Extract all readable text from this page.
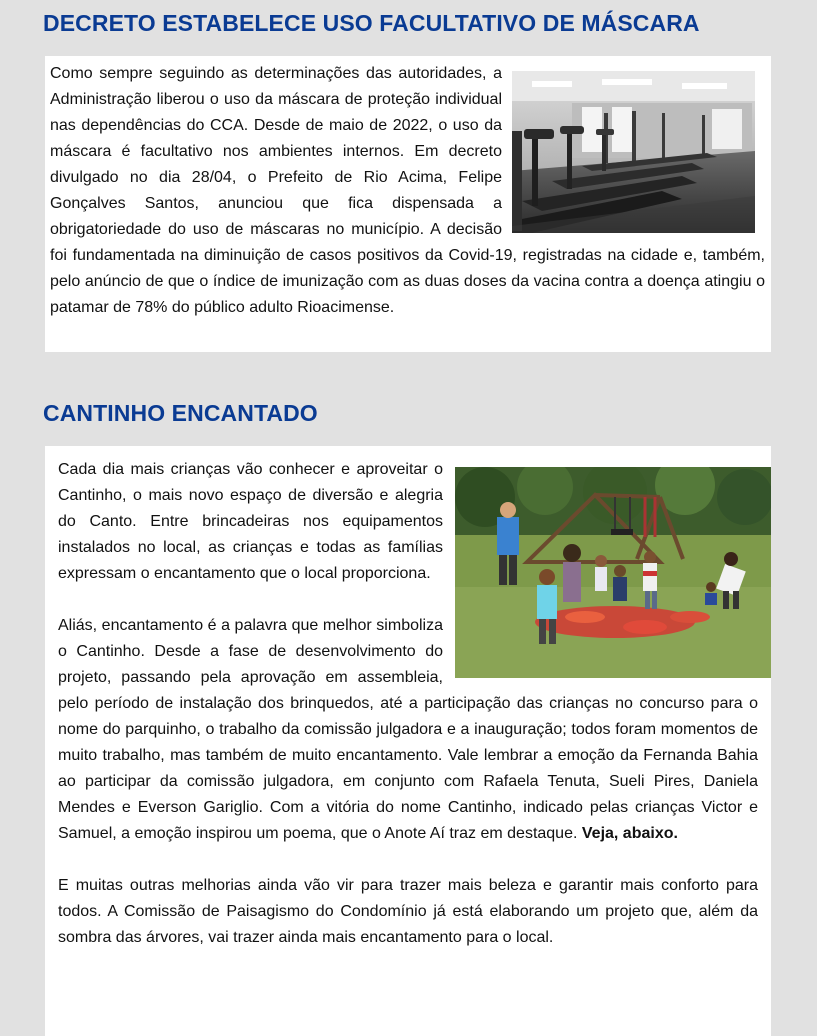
DECRETO ESTABELECE USO FACULTATIVO DE MÁSCARA

Como sempre seguindo as determinações das autoridades, a Administração liberou o uso da máscara de proteção individual nas dependências do CCA. Desde de maio de 2022, o uso da máscara é facultativo nos ambientes internos. Em decreto divulgado no dia 28/04, o Prefeito de Rio Acima, Felipe Gonçalves Santos, anunciou que fica dispensada a obrigatoriedade do uso de máscaras no município. A decisão foi fundamentada na diminuição de casos positivos da Covid-19, registradas na cidade e, também, pelo anúncio de que o índice de imunização com as duas doses da vacina contra a doença atingiu o patamar de 78% do público adulto Rioacimense.

CANTINHO ENCANTADO

Cada dia mais crianças vão conhecer e aproveitar o Cantinho, o mais novo espaço de diversão e alegria do Canto. Entre brincadeiras nos equipamentos instalados no local, as crianças e todas as famílias expressam o encantamento que o local proporciona.

Aliás, encantamento é a palavra que melhor simboliza o Cantinho. Desde a fase de desenvolvimento do projeto, passando pela aprovação em assembleia, pelo período de instalação dos brinquedos, até a participação das crianças no concurso para o nome do parquinho, o trabalho da comissão julgadora e a inauguração; todos foram momentos de muito trabalho, mas também de muito encantamento. Vale lembrar a emoção da Fernanda Bahia ao participar da comissão julgadora, em conjunto com Rafaela Tenuta, Sueli Pires, Daniela Mendes e Everson Gariglio. Com a vitória do nome Cantinho, indicado pelas crianças Victor e Samuel, a emoção inspirou um poema, que o Anote Aí traz em destaque. Veja, abaixo.

E muitas outras melhorias ainda vão vir para trazer mais beleza e garantir mais conforto para todos. A Comissão de Paisagismo do Condomínio já está elaborando um projeto que, além da sombra das árvores, vai trazer ainda mais encantamento para o local.
